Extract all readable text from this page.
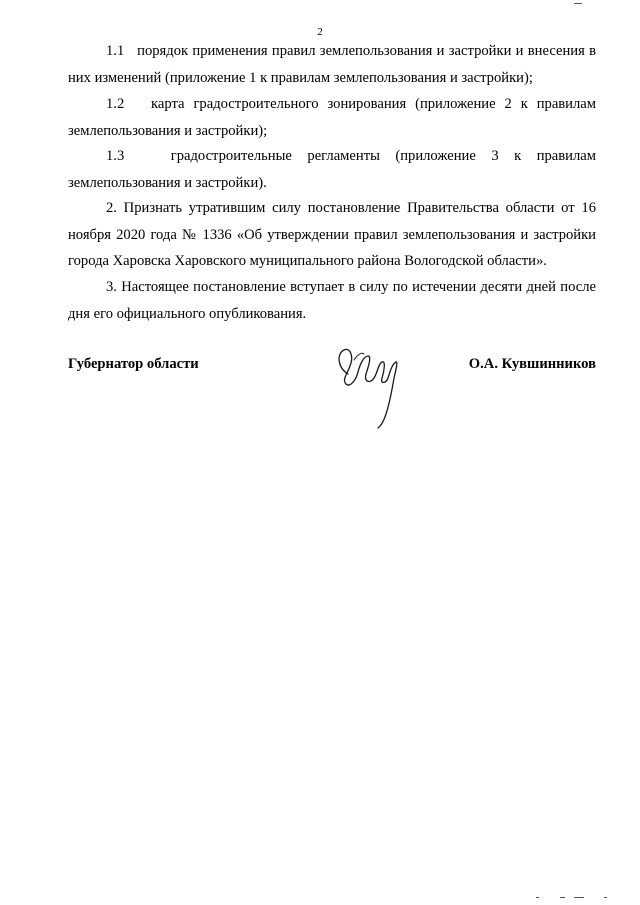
2

1.1 порядок применения правил землепользования и застройки и внесения в них изменений (приложение 1 к правилам землепользования и застройки);

1.2 карта градостроительного зонирования (приложение 2 к правилам землепользования и застройки);

1.3	градостроительные регламенты (приложение 3 к правилам землепользования и застройки).

2. Признать утратившим силу постановление Правительства области от 16 ноября 2020 года № 1336 «Об утверждении правил землепользования и застройки города Харовска Харовского муниципального района Вологодской области».

3. Настоящее постановление вступает в силу по истечении десяти дней после дня его официального опубликования.

Губернатор области	О.А. Кувшинников
